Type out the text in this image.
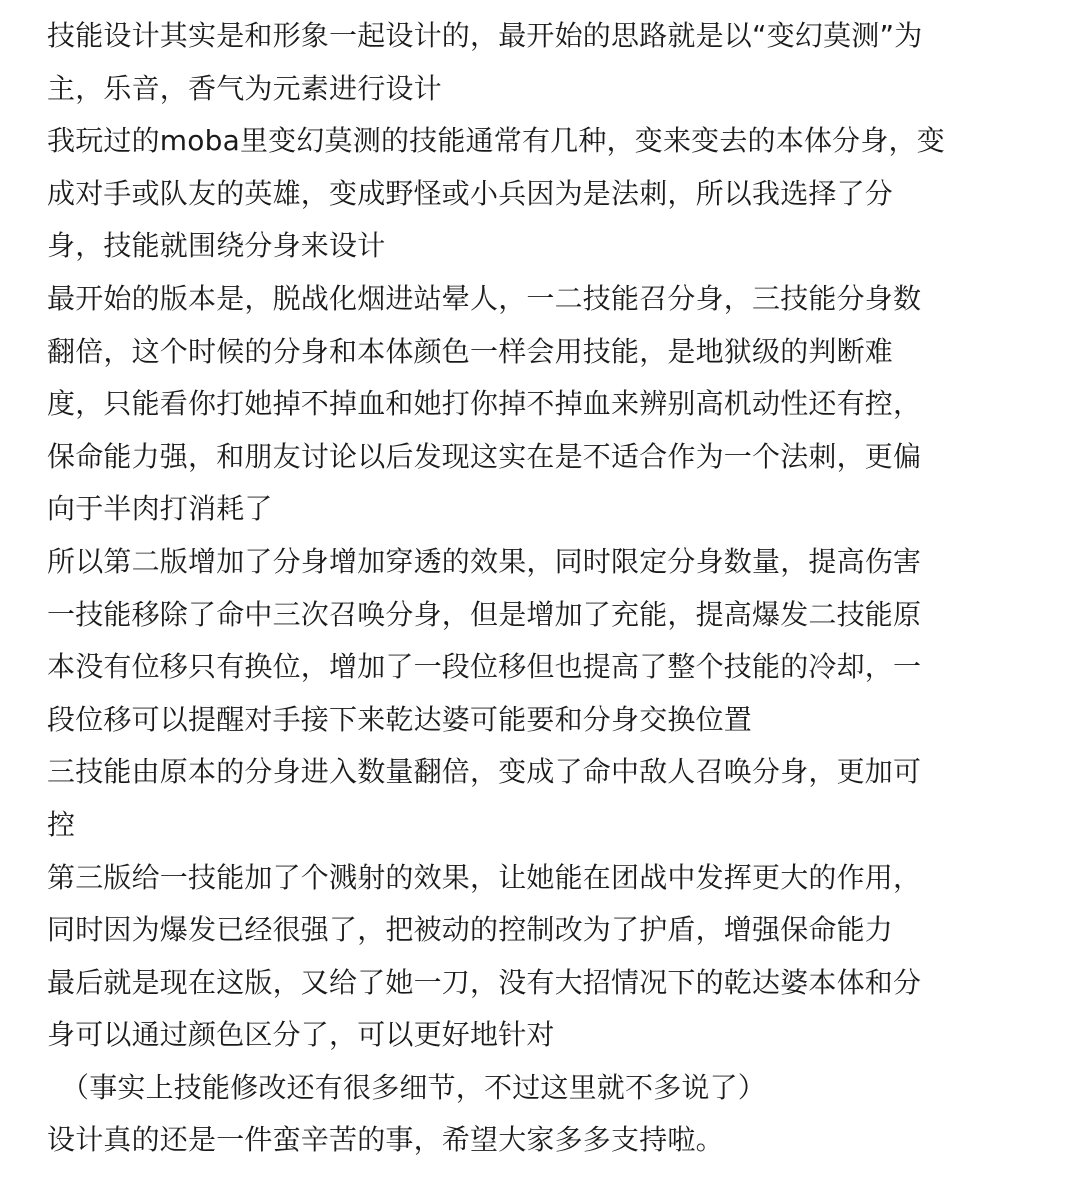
技能设计其实是和形象一起设计的，最开始的思路就是以“变幻莫测”为
主，乐音，香气为元素进行设计
我玩过的moba里变幻莫测的技能通常有几种，变来变去的本体分身，变
成对手或队友的英雄，变成野怪或小兵因为是法刺，所以我选择了分
身，技能就围绕分身来设计
最开始的版本是，脱战化烟进站晕人，一二技能召分身，三技能分身数
翻倍，这个时候的分身和本体颜色一样会用技能，是地狱级的判断难
度，只能看你打她掉不掉血和她打你掉不掉血来辨别高机动性还有控，
保命能力强，和朋友讨论以后发现这实在是不适合作为一个法刺，更偏
向于半肉打消耗了
所以第二版增加了分身增加穿透的效果，同时限定分身数量，提高伤害
一技能移除了命中三次召唤分身，但是增加了充能，提高爆发二技能原
本没有位移只有换位，增加了一段位移但也提高了整个技能的冷却，一
段位移可以提醒对手接下来乾达婆可能要和分身交换位置
三技能由原本的分身进入数量翻倍，变成了命中敌人召唤分身，更加可
控
第三版给一技能加了个溅射的效果，让她能在团战中发挥更大的作用，
同时因为爆发已经很强了，把被动的控制改为了护盾，增强保命能力
最后就是现在这版，又给了她一刀，没有大招情况下的乾达婆本体和分
身可以通过颜色区分了，可以更好地针对
（事实上技能修改还有很多细节，不过这里就不多说了）
设计真的还是一件蛮辛苦的事，希望大家多多支持啦。
